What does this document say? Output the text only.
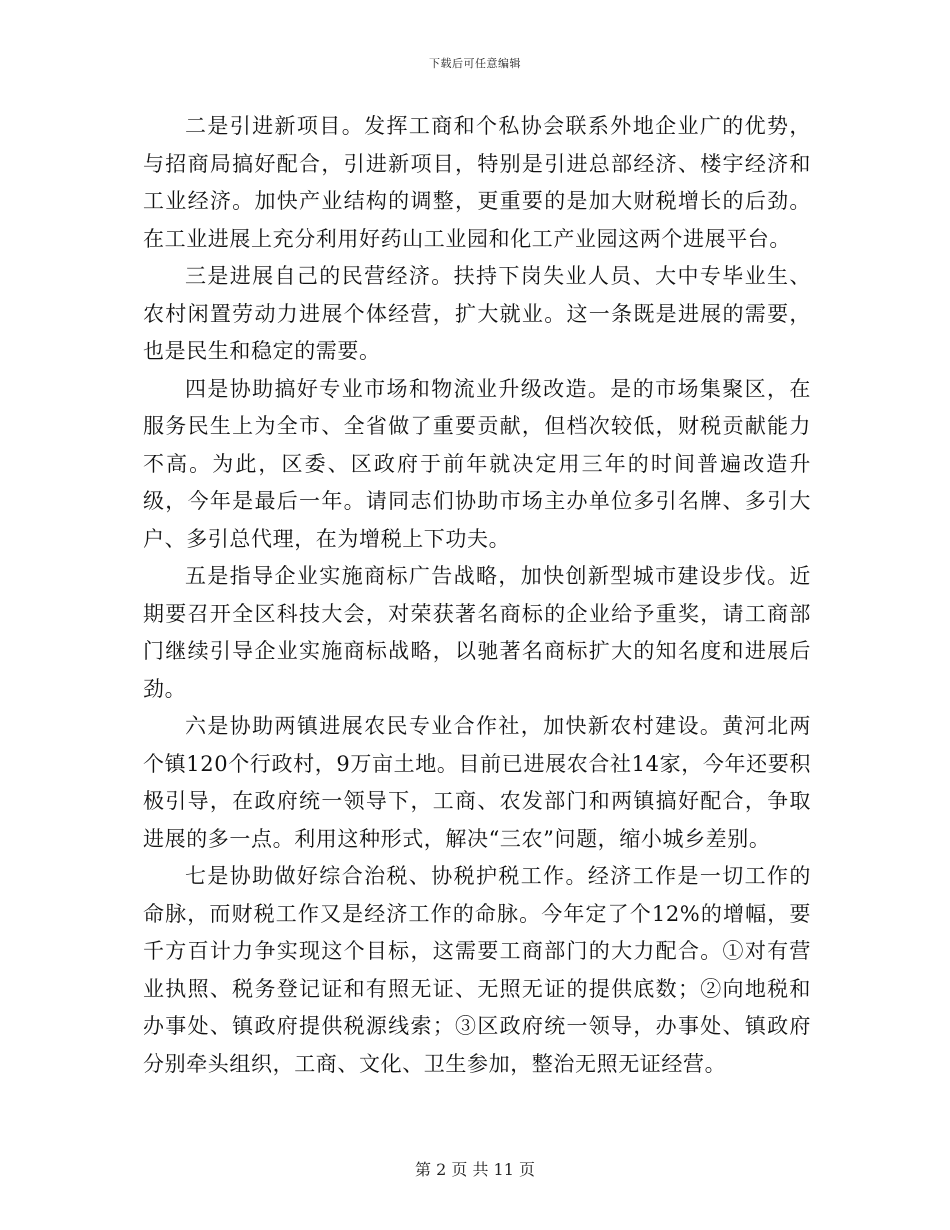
下载后可任意编辑

二是引进新项目。发挥工商和个私协会联系外地企业广的优势，与招商局搞好配合，引进新项目，特别是引进总部经济、楼宇经济和工业经济。加快产业结构的调整，更重要的是加大财税增长的后劲。在工业进展上充分利用好药山工业园和化工产业园这两个进展平台。

三是进展自己的民营经济。扶持下岗失业人员、大中专毕业生、农村闲置劳动力进展个体经营，扩大就业。这一条既是进展的需要，也是民生和稳定的需要。

四是协助搞好专业市场和物流业升级改造。是的市场集聚区，在服务民生上为全市、全省做了重要贡献，但档次较低，财税贡献能力不高。为此，区委、区政府于前年就决定用三年的时间普遍改造升级，今年是最后一年。请同志们协助市场主办单位多引名牌、多引大户、多引总代理，在为增税上下功夫。

五是指导企业实施商标广告战略，加快创新型城市建设步伐。近期要召开全区科技大会，对荣获著名商标的企业给予重奖，请工商部门继续引导企业实施商标战略，以驰著名商标扩大的知名度和进展后劲。

六是协助两镇进展农民专业合作社，加快新农村建设。黄河北两个镇120个行政村，9万亩土地。目前已进展农合社14家，今年还要积极引导，在政府统一领导下，工商、农发部门和两镇搞好配合，争取进展的多一点。利用这种形式，解决“三农”问题，缩小城乡差别。

七是协助做好综合治税、协税护税工作。经济工作是一切工作的命脉，而财税工作又是经济工作的命脉。今年定了个12%的增幅，要千方百计力争实现这个目标，这需要工商部门的大力配合。①对有营业执照、税务登记证和有照无证、无照无证的提供底数；②向地税和办事处、镇政府提供税源线索；③区政府统一领导，办事处、镇政府分别牵头组织，工商、文化、卫生参加，整治无照无证经营。

第 2 页 共 11 页
